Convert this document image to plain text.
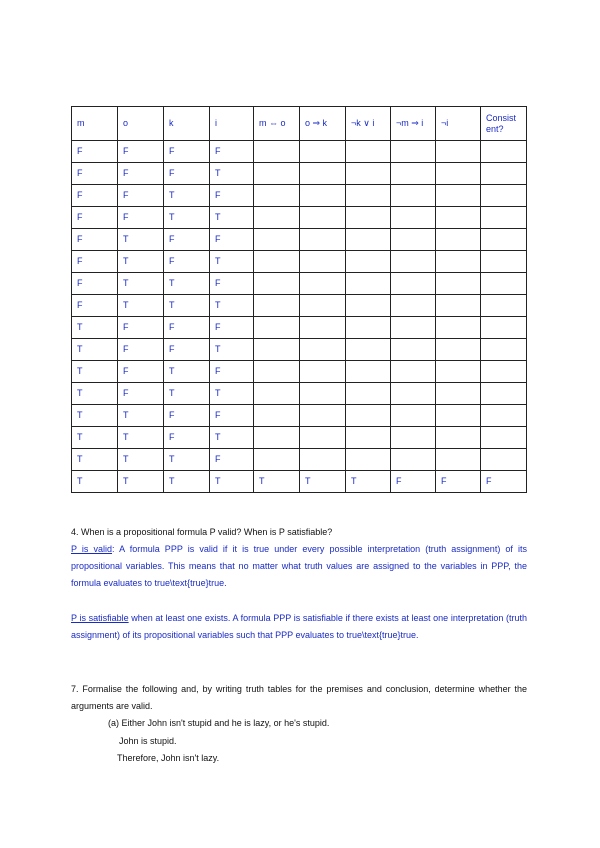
m	o	k	i	m ⇔ o	o ⇒ k	¬k ∨ i	¬m ⇒ i	¬i	Consist ent?
F	F	F	F						
F	F	F	T						
F	F	T	F						
F	F	T	T						
F	T	F	F						
F	T	F	T						
F	T	T	F						
F	T	T	T						
T	F	F	F						
T	F	F	T						
T	F	T	F						
T	F	T	T						
T	T	F	F						
T	T	F	T						
T	T	T	F						
T	T	T	T	T	T	T	F	F	F
4. When is a propositional formula P valid? When is P satisfiable?
P is valid: A formula PPP is valid if it is true under every possible interpretation (truth assignment) of its propositional variables. This means that no matter what truth values are assigned to the variables in PPP, the formula evaluates to true\text{true}true.
P is satisfiable when at least one exists. A formula PPP is satisfiable if there exists at least one interpretation (truth assignment) of its propositional variables such that PPP evaluates to true\text{true}true.
7. Formalise the following and, by writing truth tables for the premises and conclusion, determine whether the arguments are valid.
(a) Either John isn't stupid and he is lazy, or he's stupid.
John is stupid.
Therefore, John isn't lazy.
